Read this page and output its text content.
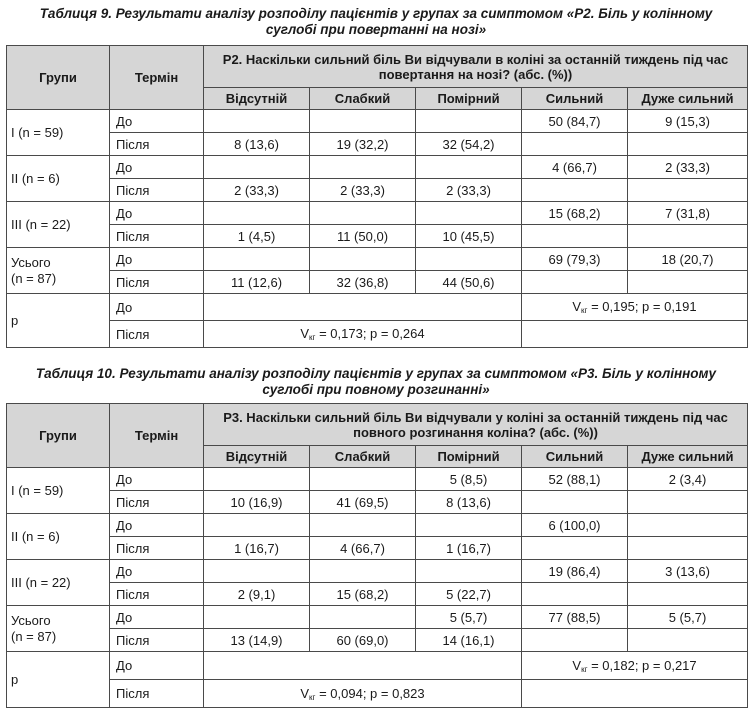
Таблиця 9. Результати аналізу розподілу пацієнтів у групах за симптомом «Р2. Біль у колінному
суглобі при повертанні на нозі»
Групи	Термін	Р2. Наскільки сильний біль Ви відчували в коліні за останній тиждень під час повертання на нозі? (абс. (%))				
		Відсутній	Слабкий	Помірний	Сильний	Дуже сильний

I (n = 59)	До				50 (84,7)	9 (15,3)
	Після	8 (13,6)	19 (32,2)	32 (54,2)		

II (n = 6)	До				4 (66,7)	2 (33,3)
	Після	2 (33,3)	2 (33,3)	2 (33,3)		

III (n = 22)	До				15 (68,2)	7 (31,8)
	Після	1 (4,5)	11 (50,0)	10 (45,5)		

Усього
(n = 87)	До				69 (79,3)	18 (20,7)
	Після	11 (12,6)	32 (36,8)	44 (50,6)		
p	До				$V_{кг} = 0,195$; p = 0,191	
	Після	$V_{кг} = 0,173$; p = 0,264				
Таблиця 10. Результати аналізу розподілу пацієнтів у групах за симптомом «Р3. Біль у колінному
суглобі при повному розгинанні»
Групи	Термін	Р3. Наскільки сильний біль Ви відчували у коліні за останній тиждень під час повного розгинання коліна? (абс. (%))				
		Відсутній	Слабкий	Помірний	Сильний	Дуже сильний

I (n = 59)	До			5 (8,5)	52 (88,1)	2 (3,4)
	Після	10 (16,9)	41 (69,5)	8 (13,6)		

II (n = 6)	До				6 (100,0)	
	Після	1 (16,7)	4 (66,7)	1 (16,7)		

III (n = 22)	До				19 (86,4)	3 (13,6)
	Після	2 (9,1)	15 (68,2)	5 (22,7)		

Усього
(n = 87)	До			5 (5,7)	77 (88,5)	5 (5,7)
	Після	13 (14,9)	60 (69,0)	14 (16,1)		
p	До				$V_{кг} = 0,182$; p = 0,217	
	Після	$V_{кг} = 0,094$; p = 0,823				
